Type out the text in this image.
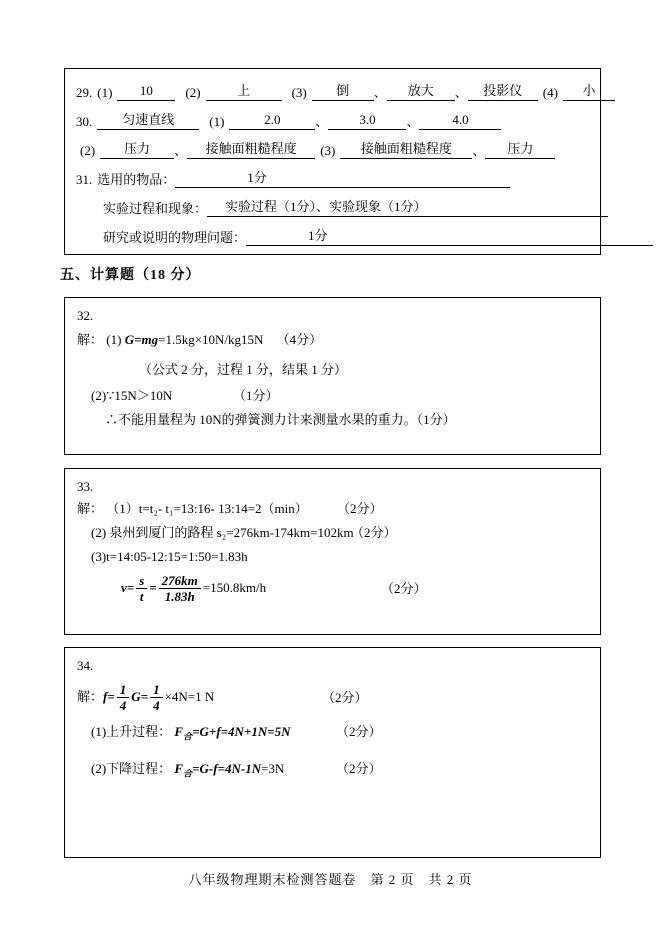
29. (1)	10	(2)	上	(3)	倒	、	放大	、	投影仪	(4)	小
30.	匀速直线	(1)	2.0	、	3.0	、	4.0
(2)	压力	、	接触面粗糙程度	(3)	接触面粗糙程度	、	压力
31. 选用的物品：	1分
实验过程和现象：	实验过程（1分）、实验现象（1分）
研究或说明的物理问题：	1分
五、计算题（18 分）
32.
解： (1) G=mg=1.5kg×10N/kg15N （4分）
（公式 2 分，过程 1 分，结果 1 分）
(2)∵15N＞10N	（1分）
∴不能用量程为 10N的弹簧测力计来测量水果的重力。（1分）
33.
解： （1）t=t₂- t₁=13:16- 13:14=2（min） （2分）
(2) 泉州到厦门的路程 s₂=276km-174km=102km
（2分）
(3)t=14:05-12:15=1:50=1.83h
$v= \frac{s}{t} = \frac{276km}{1.83h} =150.8km/h$	（2分）
34.
解： $f= \frac{1}{4} G= \frac{1}{4} \times 4N=1$ N	（2分）
(1)上升过程： $F_合=G+f=4N+1N=5N$	（2分）
(2)下降过程： $F_合=G-f=4N-1N=3N$	（2分）
八年级物理期末检测答题卷　第 2 页　共 2 页
